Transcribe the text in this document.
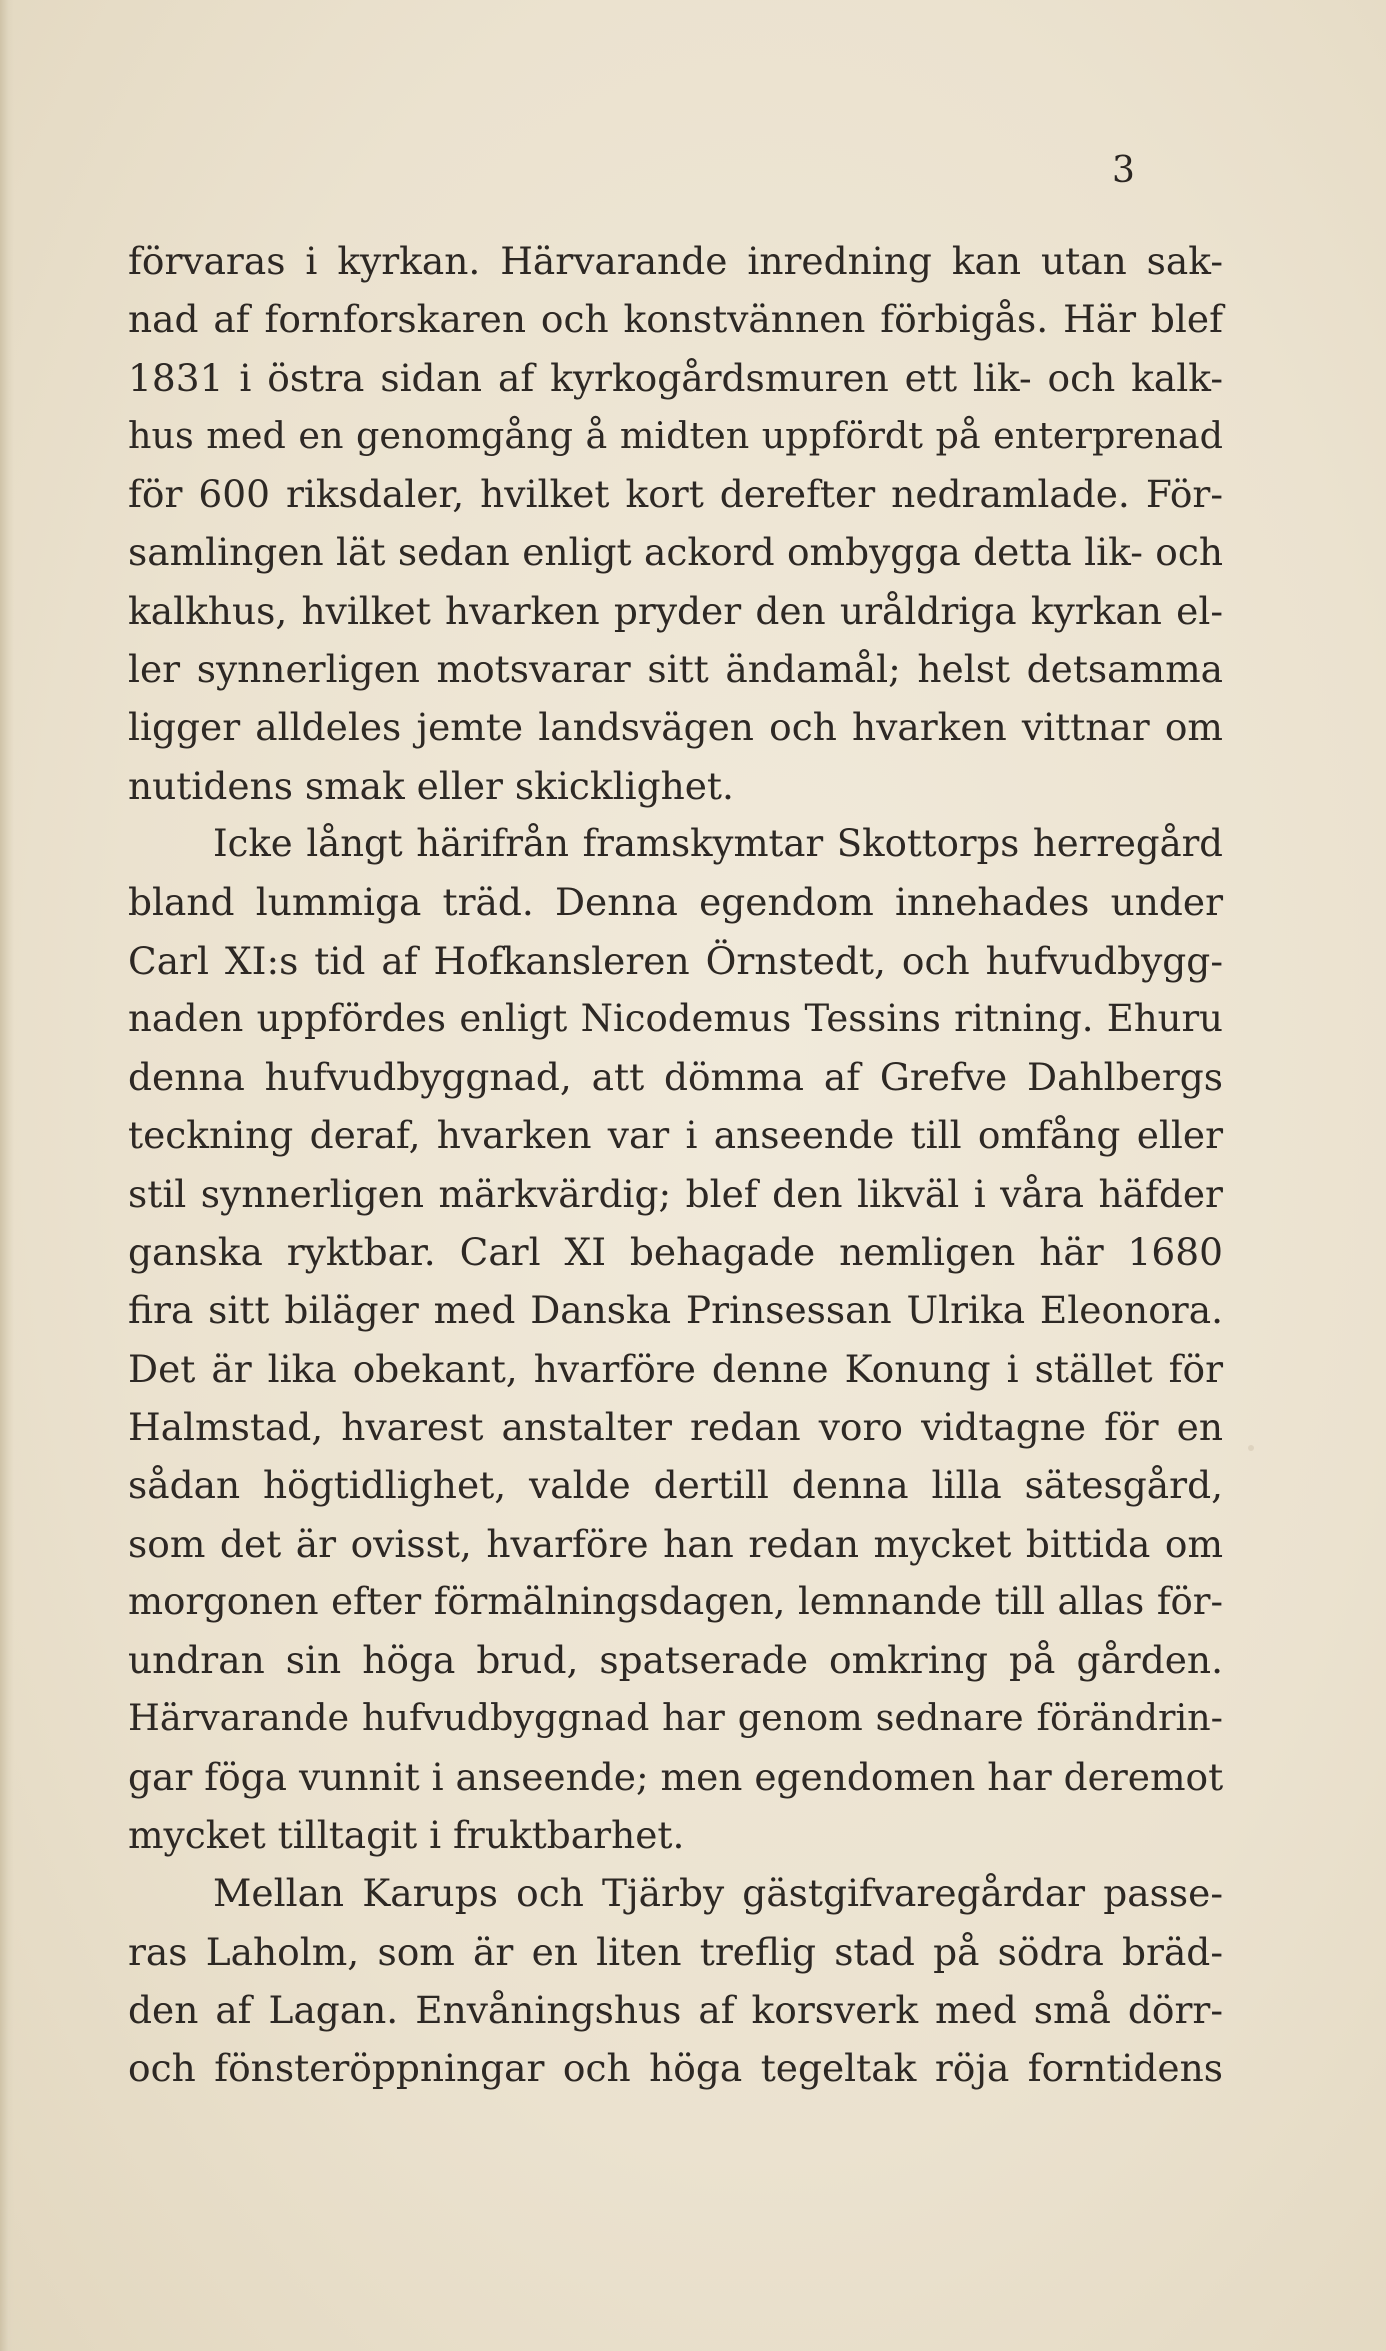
3
förvaras i kyrkan. Härvarande inredning kan utan sak-
nad af fornforskaren och konstvännen förbigås. Här blef
1831 i östra sidan af kyrkogårdsmuren ett lik- och kalk-
hus med en genomgång å midten uppfördt på enterprenad
för 600 riksdaler, hvilket kort derefter nedramlade. För-
samlingen lät sedan enligt ackord ombygga detta lik- och
kalkhus, hvilket hvarken pryder den uråldriga kyrkan el-
ler synnerligen motsvarar sitt ändamål; helst detsamma
ligger alldeles jemte landsvägen och hvarken vittnar om
nutidens smak eller skicklighet.
Icke långt härifrån framskymtar Skottorps herregård
bland lummiga träd. Denna egendom innehades under
Carl XI:s tid af Hofkansleren Örnstedt, och hufvudbygg-
naden uppfördes enligt Nicodemus Tessins ritning. Ehuru
denna hufvudbyggnad, att dömma af Grefve Dahlbergs
teckning deraf, hvarken var i anseende till omfång eller
stil synnerligen märkvärdig; blef den likväl i våra häfder
ganska ryktbar. Carl XI behagade nemligen här 1680
fira sitt biläger med Danska Prinsessan Ulrika Eleonora.
Det är lika obekant, hvarföre denne Konung i stället för
Halmstad, hvarest anstalter redan voro vidtagne för en
sådan högtidlighet, valde dertill denna lilla sätesgård,
som det är ovisst, hvarföre han redan mycket bittida om
morgonen efter förmälningsdagen, lemnande till allas för-
undran sin höga brud, spatserade omkring på gården.
Härvarande hufvudbyggnad har genom sednare förändrin-
gar föga vunnit i anseende; men egendomen har deremot
mycket tilltagit i fruktbarhet.
Mellan Karups och Tjärby gästgifvaregårdar passe-
ras Laholm, som är en liten treflig stad på södra bräd-
den af Lagan. Envåningshus af korsverk med små dörr-
och fönsteröppningar och höga tegeltak röja forntidens
